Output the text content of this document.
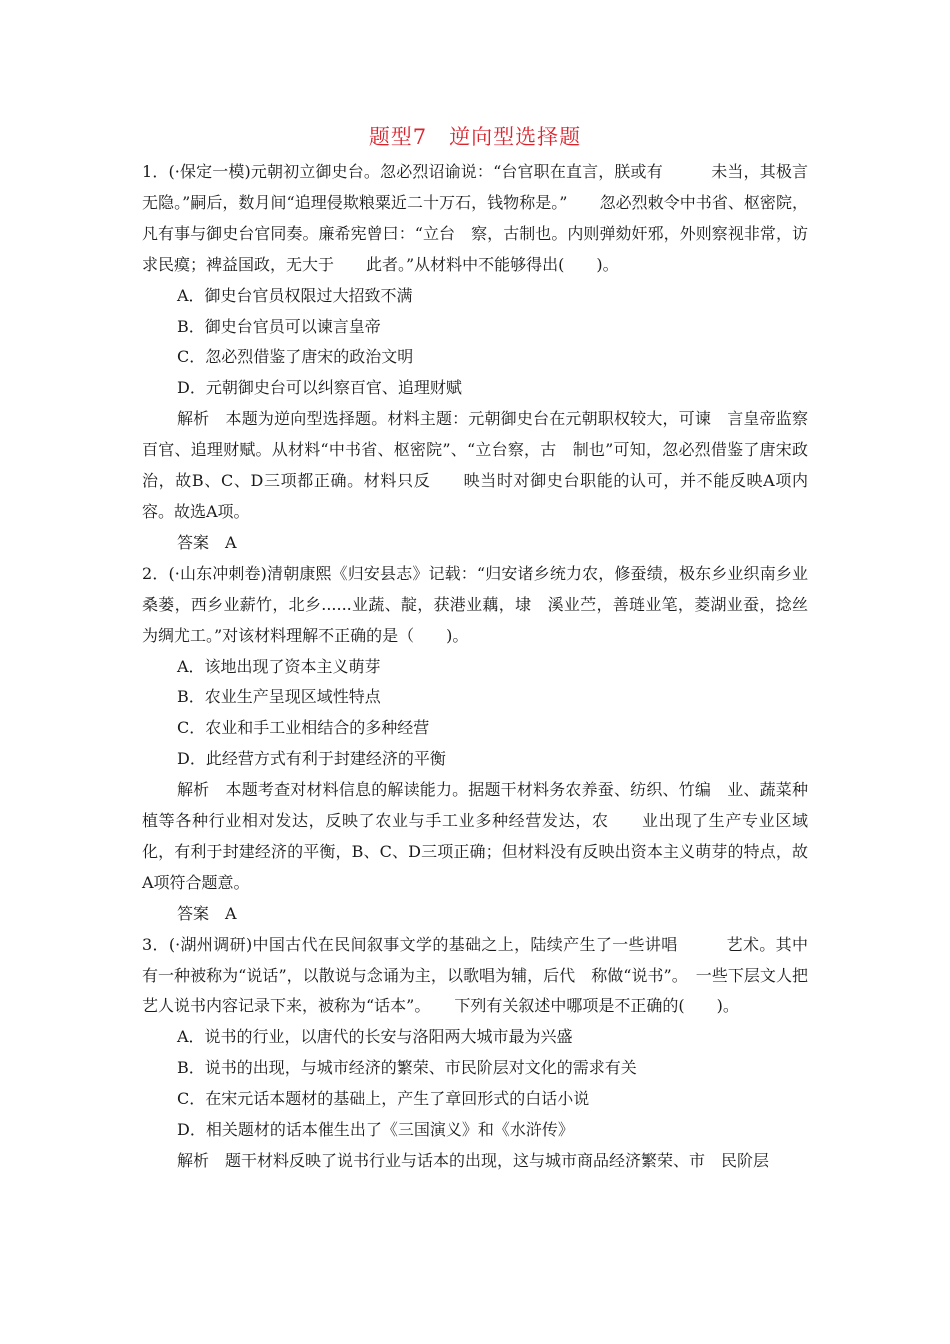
题型7　逆向型选择题

1．(·保定一模)元朝初立御史台。忽必烈诏谕说：“台官职在直言，朕或有　　　未当，其极言无隐。”嗣后，数月间“追理侵欺粮粟近二十万石，钱物称是。”　　忽必烈敕令中书省、枢密院，凡有事与御史台官同奏。廉希宪曾曰：“立台　察，古制也。内则弹劾奸邪，外则察视非常，访求民瘼；裨益国政，无大于　　此者。”从材料中不能够得出(　　)。

A．御史台官员权限过大招致不满

B．御史台官员可以谏言皇帝

C．忽必烈借鉴了唐宋的政治文明

D．元朝御史台可以纠察百官、追理财赋

解析　本题为逆向型选择题。材料主题：元朝御史台在元朝职权较大，可谏　言皇帝监察百官、追理财赋。从材料“中书省、枢密院”、“立台察，古　制也”可知，忽必烈借鉴了唐宋政治，故B、C、D三项都正确。材料只反　　映当时对御史台职能的认可，并不能反映A项内容。故选A项。

答案　A

2．(·山东冲刺卷)清朝康熙《归安县志》记载：“归安诸乡统力农，修蚕绩，极东乡业织南乡业桑蒌，西乡业薪竹，北乡......业蔬、靛，获港业藕，埭　溪业苎，善琏业笔，菱湖业蚕，捻丝为绸尤工。”对该材料理解不正确的是（　　)。

A．该地出现了资本主义萌芽

B．农业生产呈现区域性特点

C．农业和手工业相结合的多种经营

D．此经营方式有利于封建经济的平衡

解析　本题考查对材料信息的解读能力。据题干材料务农养蚕、纺织、竹编　业、蔬菜种植等各种行业相对发达，反映了农业与手工业多种经营发达，农　　业出现了生产专业区域化，有利于封建经济的平衡，B、C、D三项正确；但材料没有反映出资本主义萌芽的特点，故A项符合题意。

答案　A

3．(·湖州调研)中国古代在民间叙事文学的基础之上，陆续产生了一些讲唱　　　艺术。其中有一种被称为“说话”，以散说与念诵为主，以歌唱为辅，后代　称做“说书”。　一些下层文人把艺人说书内容记录下来，被称为“话本”。　　下列有关叙述中哪项是不正确的(　　)。

A．说书的行业，以唐代的长安与洛阳两大城市最为兴盛

B．说书的出现，与城市经济的繁荣、市民阶层对文化的需求有关

C．在宋元话本题材的基础上，产生了章回形式的白话小说

D．相关题材的话本催生出了《三国演义》和《水浒传》

解析　题干材料反映了说书行业与话本的出现，这与城市商品经济繁荣、市　民阶层
